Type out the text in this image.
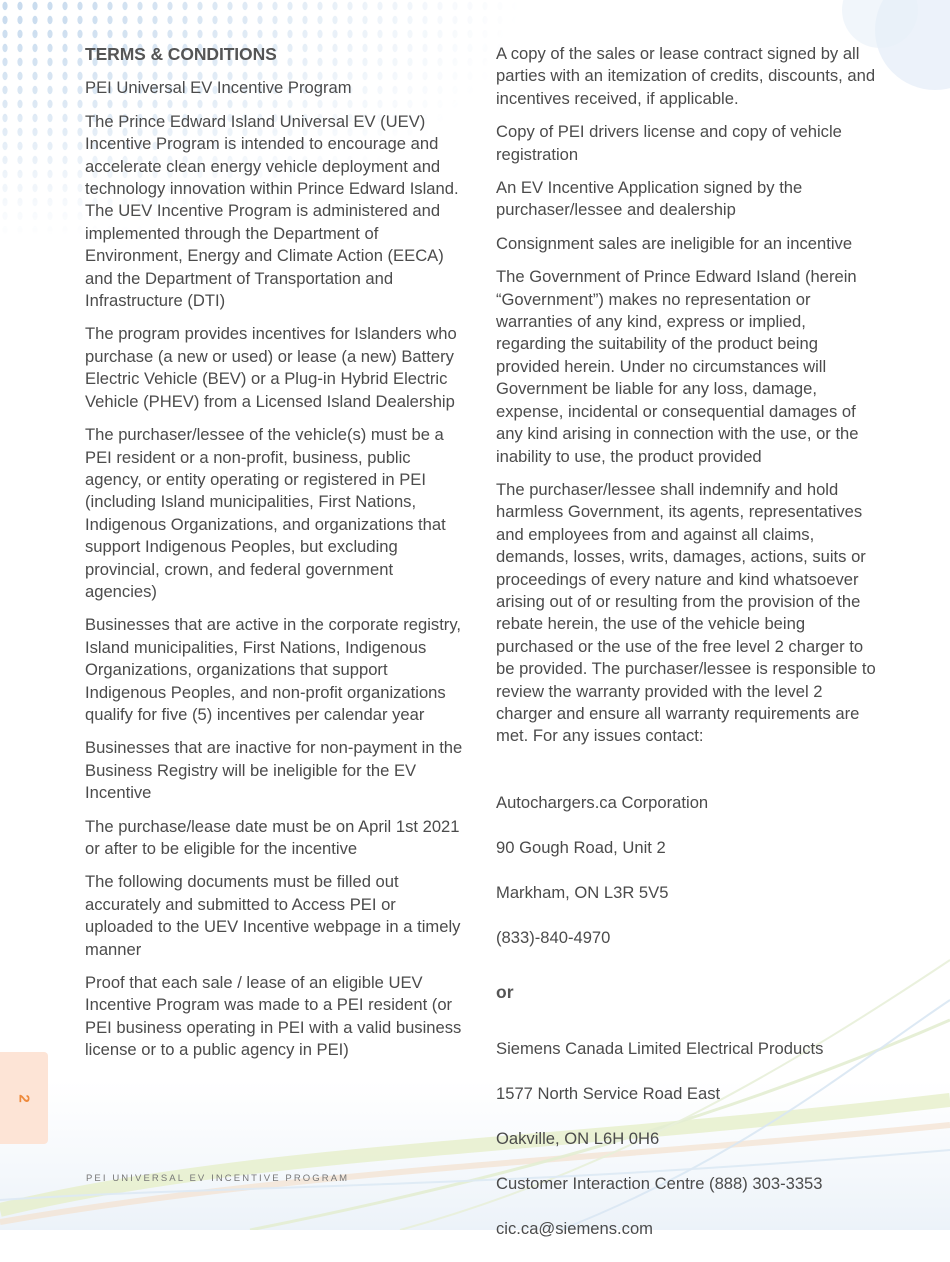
TERMS & CONDITIONS

PEI Universal EV Incentive Program

The Prince Edward Island Universal EV (UEV) Incentive Program is intended to encourage and accelerate clean energy vehicle deployment and technology innovation within Prince Edward Island. The UEV Incentive Program is administered and implemented through the Department of Environment, Energy and Climate Action (EECA) and the Department of Transportation and Infrastructure (DTI)

The program provides incentives for Islanders who purchase (a new or used) or lease (a new) Battery Electric Vehicle (BEV) or a Plug-in Hybrid Electric Vehicle (PHEV) from a Licensed Island Dealership

The purchaser/lessee of the vehicle(s) must be a PEI resident or a non-profit, business, public agency, or entity operating or registered in PEI (including Island municipalities, First Nations, Indigenous Organizations, and organizations that support Indigenous Peoples, but excluding provincial, crown, and federal government agencies)

Businesses that are active in the corporate registry, Island municipalities, First Nations, Indigenous Organizations, organizations that support Indigenous Peoples, and non-profit organizations qualify for five (5) incentives per calendar year

Businesses that are inactive for non-payment in the Business Registry will be ineligible for the EV Incentive

The purchase/lease date must be on April 1st 2021 or after to be eligible for the incentive

The following documents must be filled out accurately and submitted to Access PEI or uploaded to the UEV Incentive webpage in a timely manner

Proof that each sale / lease of an eligible UEV Incentive Program was made to a PEI resident (or PEI business operating in PEI with a valid business license or to a public agency in PEI)

A copy of the sales or lease contract signed by all parties with an itemization of credits, discounts, and incentives received, if applicable.

Copy of PEI drivers license and copy of vehicle registration

An EV Incentive Application signed by the purchaser/lessee and dealership

Consignment sales are ineligible for an incentive

The Government of Prince Edward Island (herein “Government”) makes no representation or warranties of any kind, express or implied, regarding the suitability of the product being provided herein. Under no circumstances will Government be liable for any loss, damage, expense, incidental or consequential damages of any kind arising in connection with the use, or the inability to use, the product provided

The purchaser/lessee shall indemnify and hold harmless Government, its agents, representatives and employees from and against all claims, demands, losses, writs, damages, actions, suits or proceedings of every nature and kind whatsoever arising out of or resulting from the provision of the rebate herein, the use of the vehicle being purchased or the use of the free level 2 charger to be provided. The purchaser/lessee is responsible to review the warranty provided with the level 2 charger and ensure all warranty requirements are met. For any issues contact:

Autochargers.ca Corporation

90 Gough Road, Unit 2

Markham, ON L3R 5V5

(833)-840-4970

or

Siemens Canada Limited Electrical Products

1577 North Service Road East

Oakville, ON L6H 0H6

Customer Interaction Centre (888) 303-3353

cic.ca@siemens.com

2
PEI UNIVERSAL EV INCENTIVE PROGRAM
